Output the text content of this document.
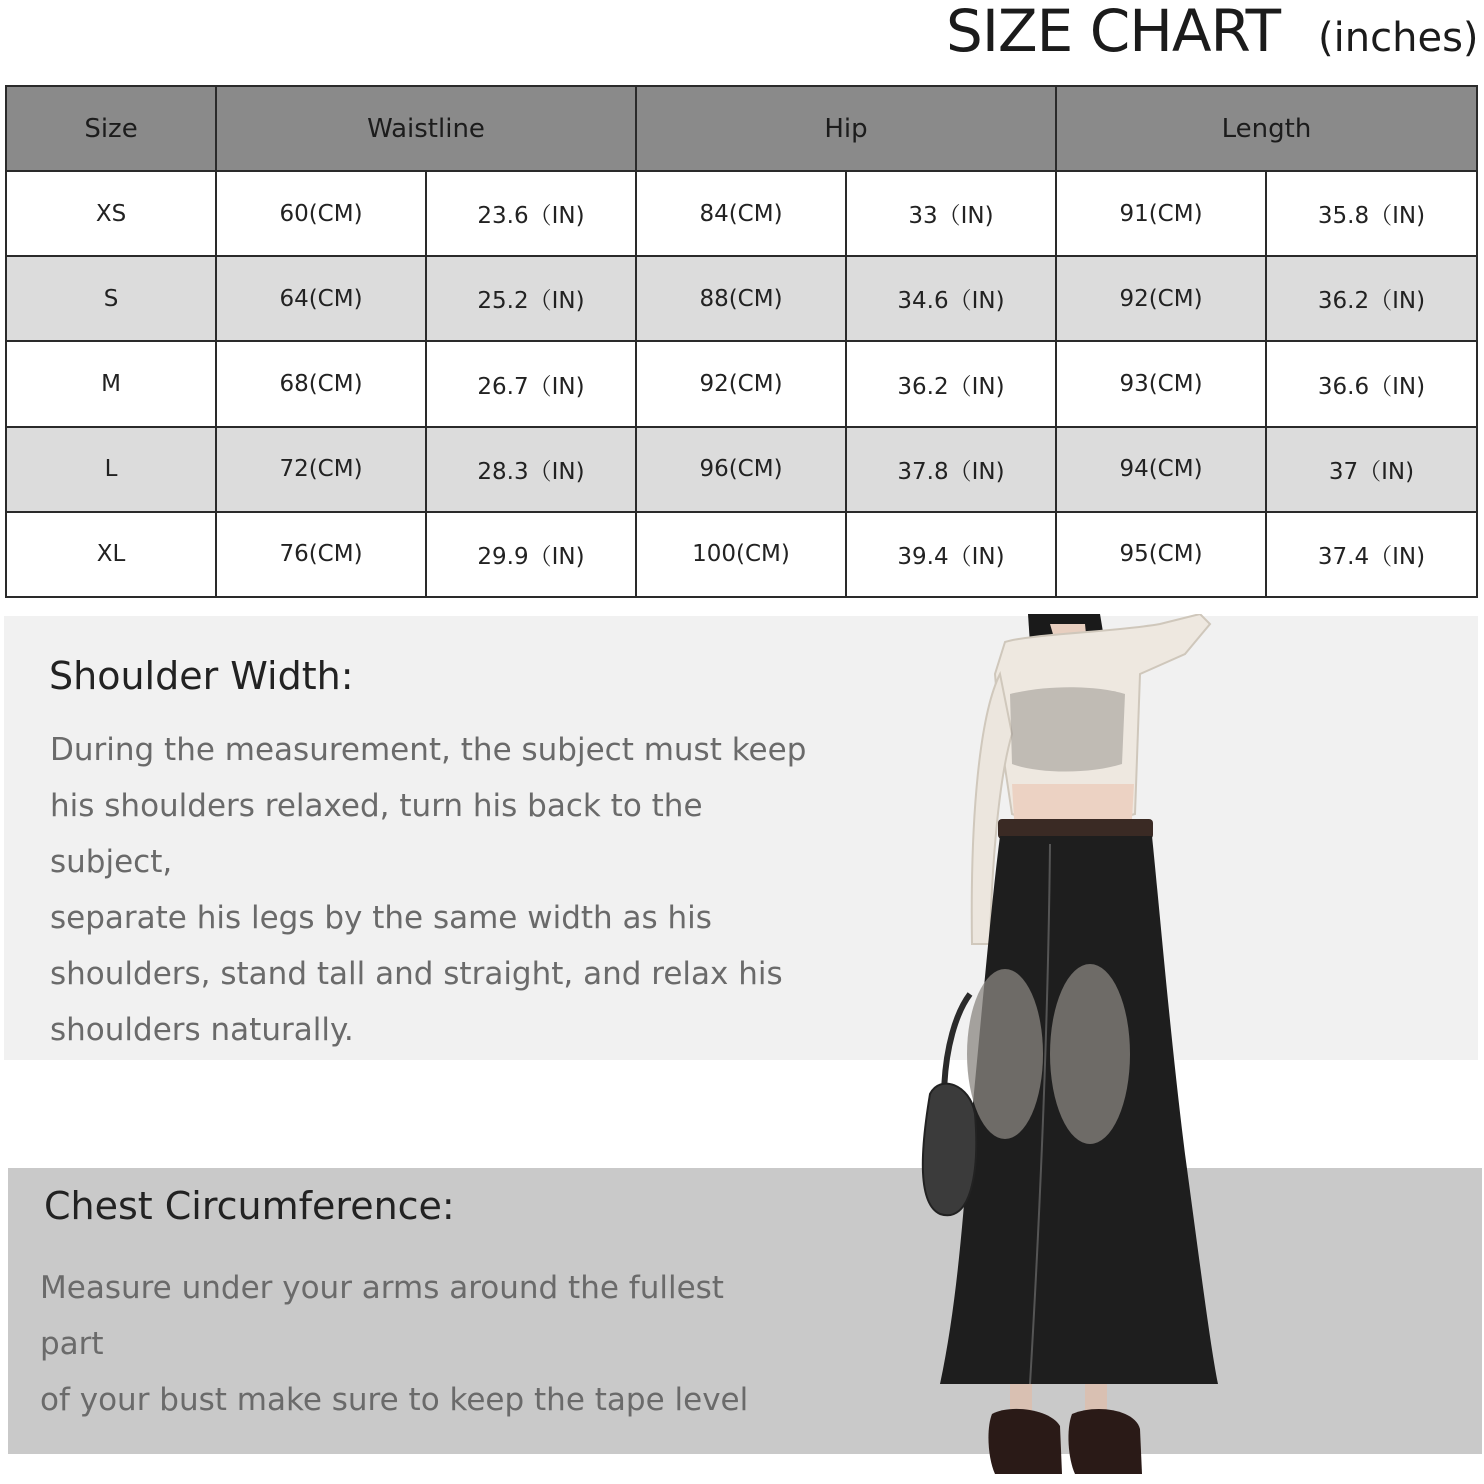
SIZE CHART (inches)
Size	Waistline		Hip		Length	
XS	60(CM)	23.6（IN)	84(CM)	33（IN)	91(CM)	35.8（IN)
S	64(CM)	25.2（IN)	88(CM)	34.6（IN)	92(CM)	36.2（IN)
M	68(CM)	26.7（IN)	92(CM)	36.2（IN)	93(CM)	36.6（IN)
L	72(CM)	28.3（IN)	96(CM)	37.8（IN)	94(CM)	37（IN)
XL	76(CM)	29.9（IN)	100(CM)	39.4（IN)	95(CM)	37.4（IN)
Shoulder Width:

During the measurement, the subject must keep
his shoulders relaxed, turn his back to the subject,
separate his legs by the same width as his
shoulders, stand tall and straight, and relax his
shoulders naturally.

Chest Circumference:

Measure under your arms around the fullest part
of your bust make sure to keep the tape level
